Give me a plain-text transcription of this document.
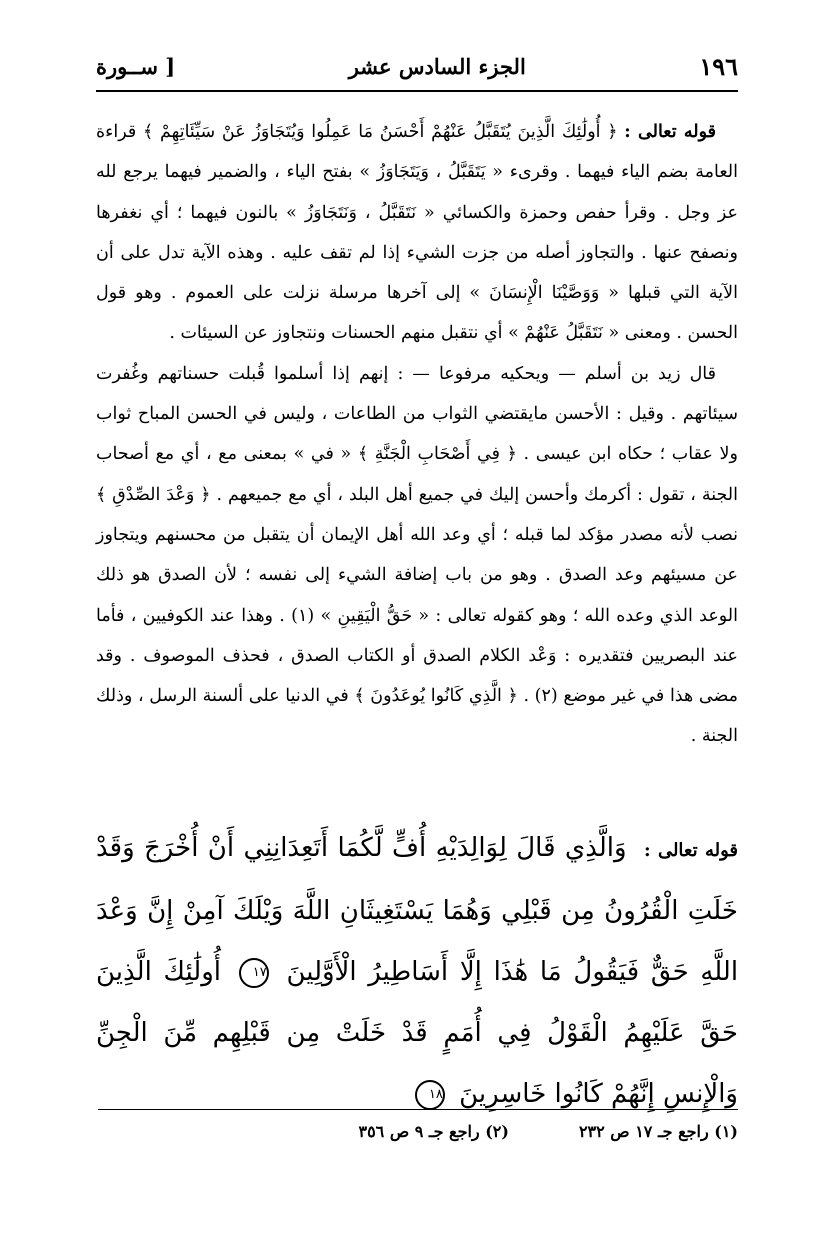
١٩٦
الجزء السادس عشر
[ ســورة

قوله تعالى : ﴿ أُولَٰئِكَ الَّذِينَ يُتَقَبَّلُ عَنْهُمْ أَحْسَنُ مَا عَمِلُوا وَيُتَجَاوَزُ عَنْ سَيِّئَاتِهِمْ ﴾ قراءة العامة بضم الياء فيهما . وقرىء « يَتَقَبَّلُ ، وَيَتَجَاوَزُ » بفتح الياء ، والضمير فيهما يرجع لله عز وجل . وقرأ حفص وحمزة والكسائي « نَتَقَبَّلُ ، وَنَتَجَاوَزُ » بالنون فيهما ؛ أي نغفرها ونصفح عنها . والتجاوز أصله من جزت الشيء إذا لم تقف عليه . وهذه الآية تدل على أن الآية التي قبلها « وَوَصَّيْنَا الْإِنسَانَ » إلى آخرها مرسلة نزلت على العموم . وهو قول الحسن . ومعنى « نَتَقَبَّلُ عَنْهُمْ » أي نتقبل منهم الحسنات ونتجاوز عن السيئات .

قال زيد بن أسلم — ويحكيه مرفوعا — : إنهم إذا أسلموا قُبلت حسناتهم وغُفرت سيئاتهم . وقيل : الأحسن مايقتضي الثواب من الطاعات ، وليس في الحسن المباح ثواب ولا عقاب ؛ حكاه ابن عيسى . ﴿ فِي أَصْحَابِ الْجَنَّةِ ﴾ « في » بمعنى مع ، أي مع أصحاب الجنة ، تقول : أكرمك وأحسن إليك في جميع أهل البلد ، أي مع جميعهم . ﴿ وَعْدَ الصِّدْقِ ﴾ نصب لأنه مصدر مؤكد لما قبله ؛ أي وعد الله أهل الإيمان أن يتقبل من محسنهم ويتجاوز عن مسيئهم وعد الصدق . وهو من باب إضافة الشيء إلى نفسه ؛ لأن الصدق هو ذلك الوعد الذي وعده الله ؛ وهو كقوله تعالى : « حَقُّ الْيَقِينِ » (١) . وهذا عند الكوفيين ، فأما عند البصريين فتقديره : وَعْد الكلام الصدق أو الكتاب الصدق ، فحذف الموصوف . وقد مضى هذا في غير موضع (٢) . ﴿ الَّذِي كَانُوا يُوعَدُونَ ﴾ في الدنيا على ألسنة الرسل ، وذلك الجنة .

قوله تعالى : وَالَّذِي قَالَ لِوَالِدَيْهِ أُفٍّ لَّكُمَا أَتَعِدَانِنِي أَنْ أُخْرَجَ وَقَدْ خَلَتِ الْقُرُونُ مِن قَبْلِي وَهُمَا يَسْتَغِيثَانِ اللَّهَ وَيْلَكَ آمِنْ إِنَّ وَعْدَ اللَّهِ حَقٌّ فَيَقُولُ مَا هَٰذَا إِلَّا أَسَاطِيرُ الْأَوَّلِينَ ١٧ أُولَٰئِكَ الَّذِينَ حَقَّ عَلَيْهِمُ الْقَوْلُ فِي أُمَمٍ قَدْ خَلَتْ مِن قَبْلِهِم مِّنَ الْجِنِّ وَالْإِنسِ إِنَّهُمْ كَانُوا خَاسِرِينَ ١٨
(١) راجع جـ ١٧ ص ٢٣٢
(٢) راجع جـ ٩ ص ٣٥٦
